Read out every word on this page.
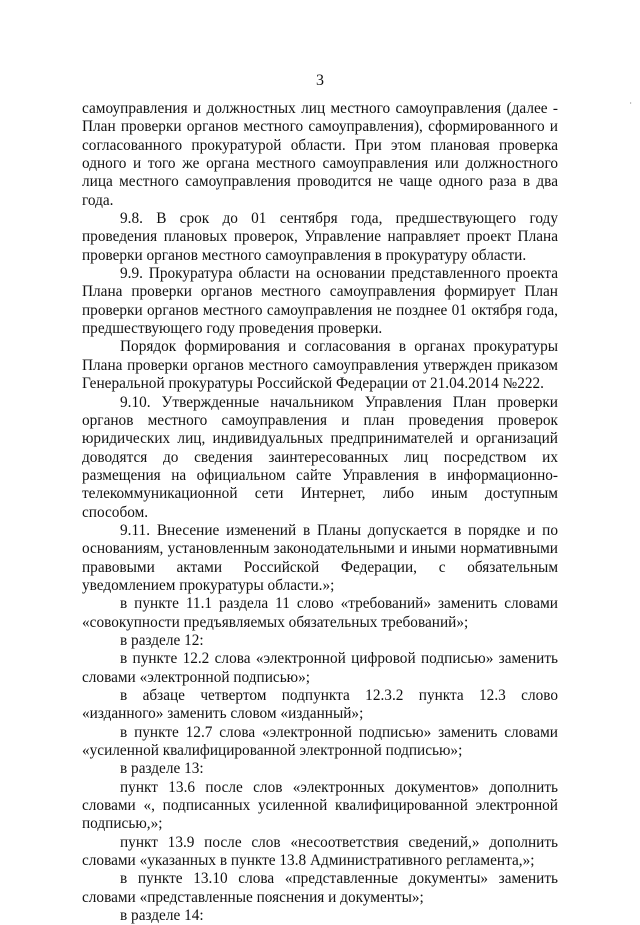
3
·

самоуправления и должностных лиц местного самоуправления (далее - План проверки органов местного самоуправления), сформированного и согласованного прокуратурой области. При этом плановая проверка одного и того же органа местного самоуправления или должностного лица местного самоуправления проводится не чаще одного раза в два года.

9.8. В срок до 01 сентября года, предшествующего году проведения плановых проверок, Управление направляет проект Плана проверки органов местного самоуправления в прокуратуру области.

9.9. Прокуратура области на основании представленного проекта Плана проверки органов местного самоуправления формирует План проверки органов местного самоуправления не позднее 01 октября года, предшествующего году проведения проверки.

Порядок формирования и согласования в органах прокуратуры Плана проверки органов местного самоуправления утвержден приказом Генеральной прокуратуры Российской Федерации от 21.04.2014 №222.

9.10. Утвержденные начальником Управления План проверки органов местного самоуправления и план проведения проверок юридических лиц, индивидуальных предпринимателей и организаций доводятся до сведения заинтересованных лиц посредством их размещения на официальном сайте Управления в информационно-телекоммуникационной сети Интернет, либо иным доступным способом.

9.11. Внесение изменений в Планы допускается в порядке и по основаниям, установленным законодательными и иными нормативными правовыми актами Российской Федерации, с обязательным уведомлением прокуратуры области.»;

в пункте 11.1 раздела 11 слово «требований» заменить словами «совокупности предъявляемых обязательных требований»;

в разделе 12:

в пункте 12.2 слова «электронной цифровой подписью» заменить словами «электронной подписью»;

в абзаце четвертом подпункта 12.3.2 пункта 12.3 слово «изданного» заменить словом «изданный»;

в пункте 12.7 слова «электронной подписью» заменить словами «усиленной квалифицированной электронной подписью»;

в разделе 13:

пункт 13.6 после слов «электронных документов» дополнить словами «, подписанных усиленной квалифицированной электронной подписью,»;

пункт 13.9 после слов «несоответствия сведений,» дополнить словами «указанных в пункте 13.8 Административного регламента,»;

в пункте 13.10 слова «представленные документы» заменить словами «представленные пояснения и документы»;

в разделе 14:
